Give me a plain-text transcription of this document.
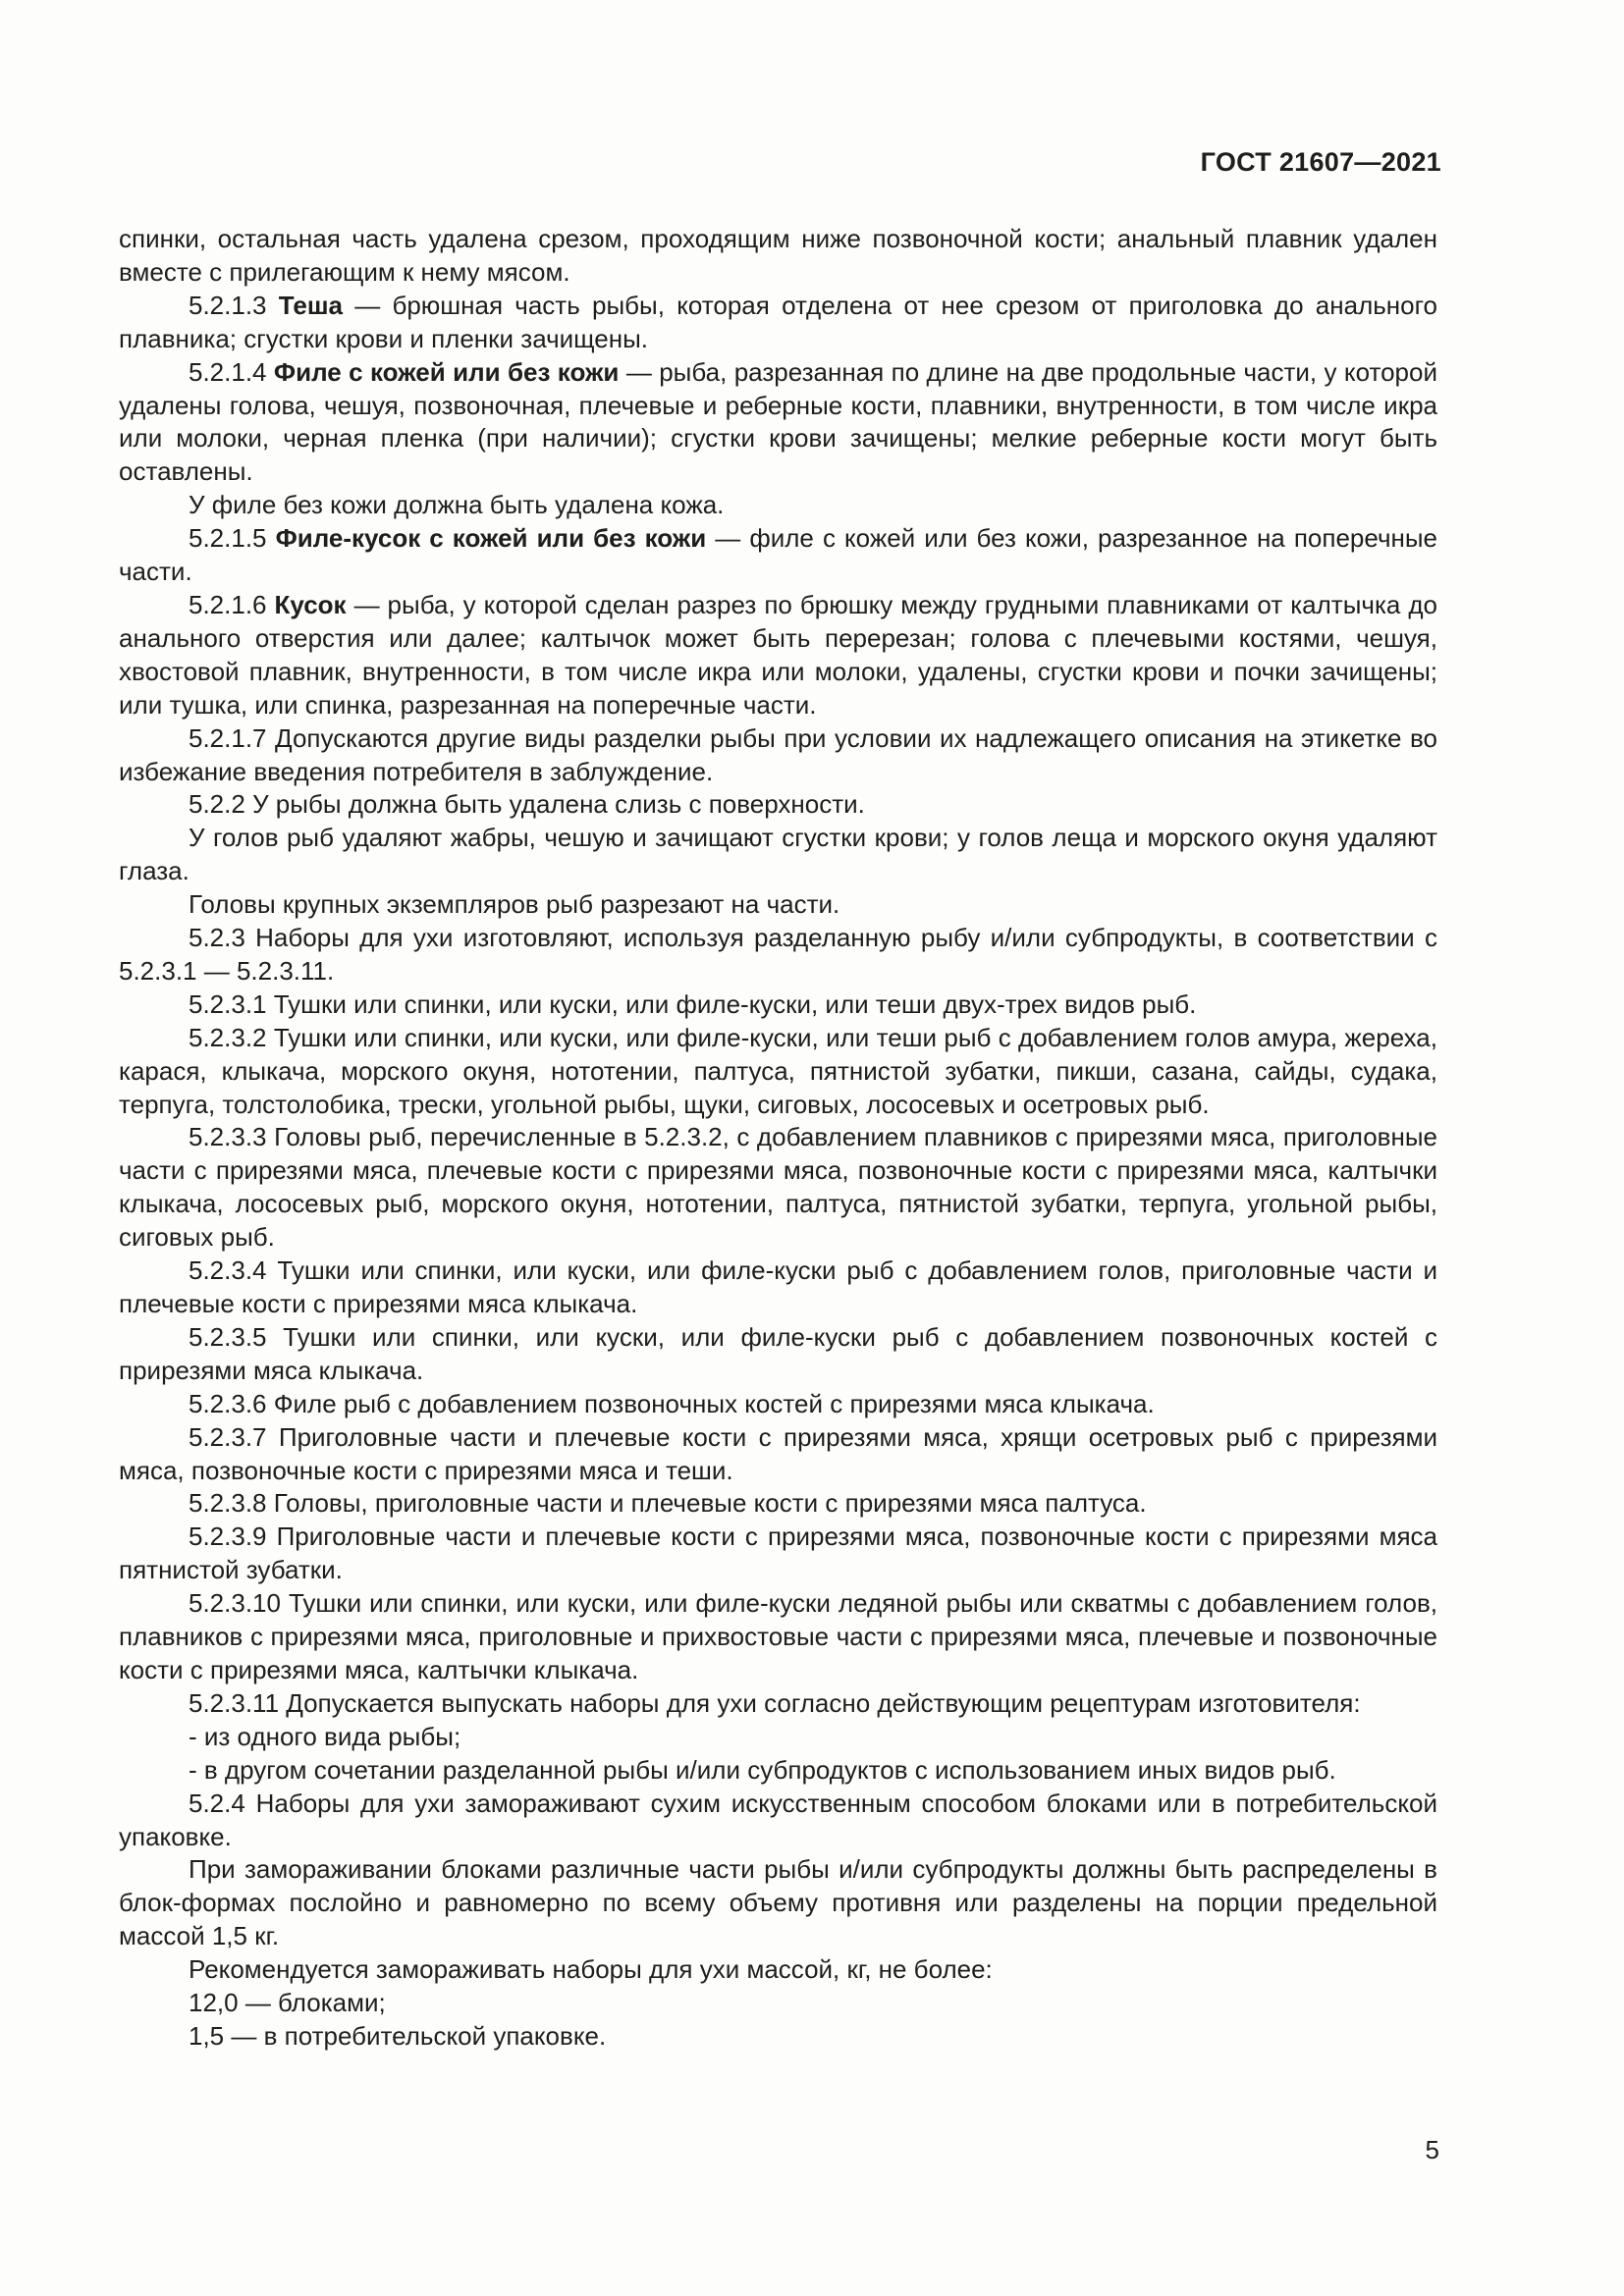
ГОСТ 21607—2021

спинки, остальная часть удалена срезом, проходящим ниже позвоночной кости; анальный плавник удален вместе с прилегающим к нему мясом.

5.2.1.3 Теша — брюшная часть рыбы, которая отделена от нее срезом от приголовка до анального плавника; сгустки крови и пленки зачищены.

5.2.1.4 Филе с кожей или без кожи — рыба, разрезанная по длине на две продольные части, у которой удалены голова, чешуя, позвоночная, плечевые и реберные кости, плавники, внутренности, в том числе икра или молоки, черная пленка (при наличии); сгустки крови зачищены; мелкие реберные кости могут быть оставлены.

У филе без кожи должна быть удалена кожа.

5.2.1.5 Филе-кусок с кожей или без кожи — филе с кожей или без кожи, разрезанное на поперечные части.

5.2.1.6 Кусок — рыба, у которой сделан разрез по брюшку между грудными плавниками от калтычка до анального отверстия или далее; калтычок может быть перерезан; голова с плечевыми костями, чешуя, хвостовой плавник, внутренности, в том числе икра или молоки, удалены, сгустки крови и почки зачищены; или тушка, или спинка, разрезанная на поперечные части.

5.2.1.7 Допускаются другие виды разделки рыбы при условии их надлежащего описания на этикетке во избежание введения потребителя в заблуждение.

5.2.2 У рыбы должна быть удалена слизь с поверхности.

У голов рыб удаляют жабры, чешую и зачищают сгустки крови; у голов леща и морского окуня удаляют глаза.

Головы крупных экземпляров рыб разрезают на части.

5.2.3 Наборы для ухи изготовляют, используя разделанную рыбу и/или субпродукты, в соответствии с 5.2.3.1 — 5.2.3.11.

5.2.3.1 Тушки или спинки, или куски, или филе-куски, или теши двух-трех видов рыб.

5.2.3.2 Тушки или спинки, или куски, или филе-куски, или теши рыб с добавлением голов амура, жереха, карася, клыкача, морского окуня, нототении, палтуса, пятнистой зубатки, пикши, сазана, сайды, судака, терпуга, толстолобика, трески, угольной рыбы, щуки, сиговых, лососевых и осетровых рыб.

5.2.3.3 Головы рыб, перечисленные в 5.2.3.2, с добавлением плавников с прирезями мяса, приголовные части с прирезями мяса, плечевые кости с прирезями мяса, позвоночные кости с прирезями мяса, калтычки клыкача, лососевых рыб, морского окуня, нототении, палтуса, пятнистой зубатки, терпуга, угольной рыбы, сиговых рыб.

5.2.3.4 Тушки или спинки, или куски, или филе-куски рыб с добавлением голов, приголовные части и плечевые кости с прирезями мяса клыкача.

5.2.3.5 Тушки или спинки, или куски, или филе-куски рыб с добавлением позвоночных костей с прирезями мяса клыкача.

5.2.3.6 Филе рыб с добавлением позвоночных костей с прирезями мяса клыкача.

5.2.3.7 Приголовные части и плечевые кости с прирезями мяса, хрящи осетровых рыб с прирезями мяса, позвоночные кости с прирезями мяса и теши.

5.2.3.8 Головы, приголовные части и плечевые кости с прирезями мяса палтуса.

5.2.3.9 Приголовные части и плечевые кости с прирезями мяса, позвоночные кости с прирезями мяса пятнистой зубатки.

5.2.3.10 Тушки или спинки, или куски, или филе-куски ледяной рыбы или скватмы с добавлением голов, плавников с прирезями мяса, приголовные и прихвостовые части с прирезями мяса, плечевые и позвоночные кости с прирезями мяса, калтычки клыкача.

5.2.3.11 Допускается выпускать наборы для ухи согласно действующим рецептурам изготовителя:

- из одного вида рыбы;

- в другом сочетании разделанной рыбы и/или субпродуктов с использованием иных видов рыб.

5.2.4 Наборы для ухи замораживают сухим искусственным способом блоками или в потребительской упаковке.

При замораживании блоками различные части рыбы и/или субпродукты должны быть распределены в блок-формах послойно и равномерно по всему объему противня или разделены на порции предельной массой 1,5 кг.

Рекомендуется замораживать наборы для ухи массой, кг, не более:

12,0 — блоками;

1,5 — в потребительской упаковке.

5
